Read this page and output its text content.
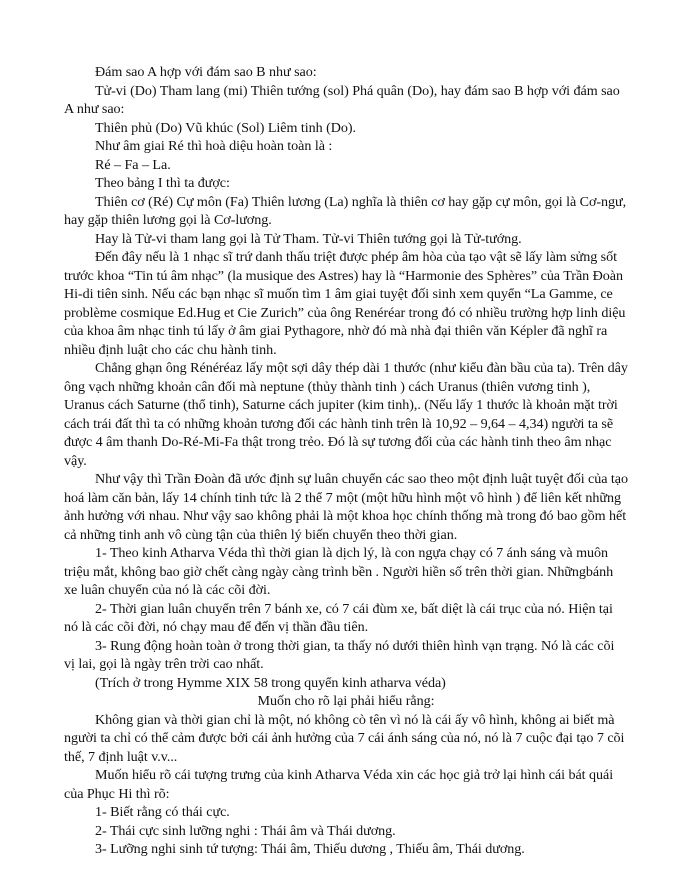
Đám sao A hợp với đám sao B như sao:

Tử-vi (Do) Tham lang (mi) Thiên tướng (sol) Phá quân (Do), hay đám sao B hợp với đám sao A như sao:

Thiên phủ (Do) Vũ khúc (Sol) Liêm tinh (Do).

Như âm giai Ré thì hoà diệu hoàn toàn là :

Ré – Fa – La.

Theo bảng I thì ta được:

Thiên cơ (Ré) Cự môn (Fa) Thiên lương (La) nghĩa là thiên cơ hay gặp cự môn, gọi là Cơ-ngư, hay gặp thiên lương gọi là Cơ-lương.

Hay là Tử-vi tham lang gọi là Tử Tham. Tử-vi Thiên tướng gọi là Tử-tướng.

Đến đây nếu là 1 nhạc sĩ trứ danh thấu triệt được phép âm hòa của tạo vật sẽ lấy làm sửng sốt trước khoa “Tin tú âm nhạc” (la musique des Astres) hay là “Harmonie des Sphères” của Trần Đoàn Hi-di tiên sinh. Nếu các bạn nhạc sĩ muốn tìm 1 âm giai tuyệt đối sinh xem quyển “La Gamme, ce problème cosmique Ed.Hug et Cie Zurich” của ông Renéréar trong đó có nhiều trường hợp linh diệu của khoa âm nhạc tinh tú lấy ở âm giai Pythagore, nhờ đó mà nhà đại thiên văn Képler đã nghĩ ra nhiều định luật cho các chu hành tinh.

Chẳng ghạn ông Rénéréaz lấy một sợi dây thép dài 1 thước (như kiểu đàn bầu của ta). Trên dây ông vạch những khoản cân đối mà neptune (thủy thành tinh ) cách Uranus (thiên vương tinh ), Uranus cách Saturne (thổ tinh), Saturne cách jupiter (kim tinh),. (Nếu lấy 1 thước là khoản mặt trời cách trái đất thì ta có những khoản tương đối các hành tinh trên là 10,92 – 9,64 – 4,34) người ta sẽ được 4 âm thanh Do-Ré-Mi-Fa thật trong trẻo. Đó là sự tương đối của các hành tinh theo âm nhạc vậy.

Như vậy thì Trần Đoàn đã ước định sự luân chuyển các sao theo một định luật tuyệt đối của tạo hoá làm căn bản, lấy 14 chính tinh tức là 2 thể 7 một (một hữu hình một vô hình ) để liên kết những ảnh hưởng với nhau. Như vậy sao không phải là một khoa học chính thống mà trong đó bao gồm hết cả những tinh anh vô cùng tận của thiên lý biến chuyển theo thời gian.

1- Theo kinh Atharva Véda thì thời gian là dịch lý, là con ngựa chạy có 7 ánh sáng và muôn triệu mắt, không bao giờ chết càng ngày càng trình bền . Người hiền số trên thời gian. Nhữngbánh xe luân chuyển của nó là các cõi đời.

2- Thời gian luân chuyển trên 7 bánh xe, có 7 cái đùm xe, bất diệt là cái trục của nó. Hiện tại nó là các cõi đời, nó chạy mau để đến vị thần đầu tiên.

3- Rung động hoàn toàn ở trong thời gian, ta thấy nó dưới thiên hình vạn trạng. Nó là các cõi vị lai, gọi là ngày trên trời cao nhất.

(Trích ở trong Hymme XIX 58 trong quyển kinh atharva véda)

Muốn cho rõ lại phải hiểu rằng:

Không gian và thời gian chỉ là một, nó không cò tên vì nó là cái ấy vô hình, không ai biết mà người ta chỉ có thể cảm được bởi cái ảnh hưởng của 7 cái ánh sáng của nó, nó là 7 cuộc đại tạo 7 cõi thế, 7 định luật v.v...

Muốn hiểu rõ cái tượng trưng của kinh Atharva Véda xin các học giả trở lại hình cái bát quái của Phục Hi thì rõ:

1- Biết rằng có thái cực.

2- Thái cực sinh lưỡng nghi : Thái âm và Thái dương.

3- Lưỡng nghi sinh tứ tượng: Thái âm, Thiếu dương , Thiếu âm, Thái dương.
